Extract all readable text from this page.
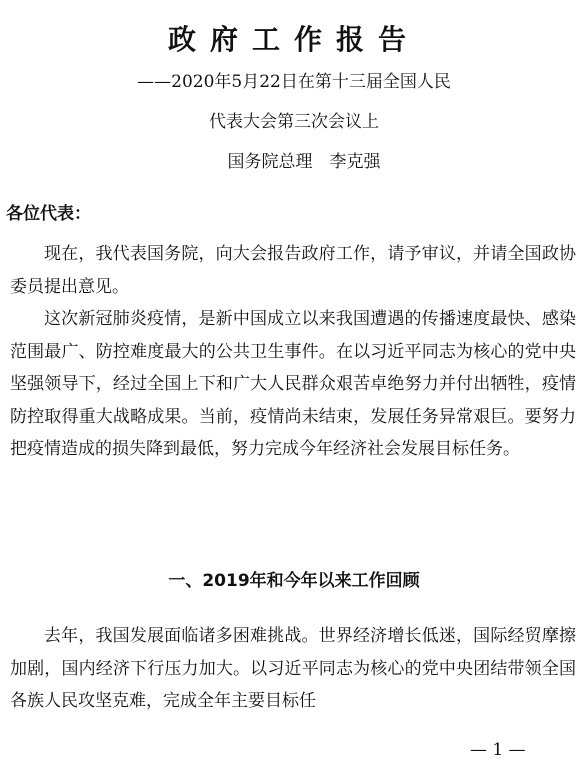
政府工作报告
——2020年5月22日在第十三届全国人民
代表大会第三次会议上
国务院总理　李克强
各位代表：

现在，我代表国务院，向大会报告政府工作，请予审议，并请全国政协委员提出意见。

这次新冠肺炎疫情，是新中国成立以来我国遭遇的传播速度最快、感染范围最广、防控难度最大的公共卫生事件。在以习近平同志为核心的党中央坚强领导下，经过全国上下和广大人民群众艰苦卓绝努力并付出牺牲，疫情防控取得重大战略成果。当前，疫情尚未结束，发展任务异常艰巨。要努力把疫情造成的损失降到最低，努力完成今年经济社会发展目标任务。

一、2019年和今年以来工作回顾

去年，我国发展面临诸多困难挑战。世界经济增长低迷，国际经贸摩擦加剧，国内经济下行压力加大。以习近平同志为核心的党中央团结带领全国各族人民攻坚克难，完成全年主要目标任

— 1 —
